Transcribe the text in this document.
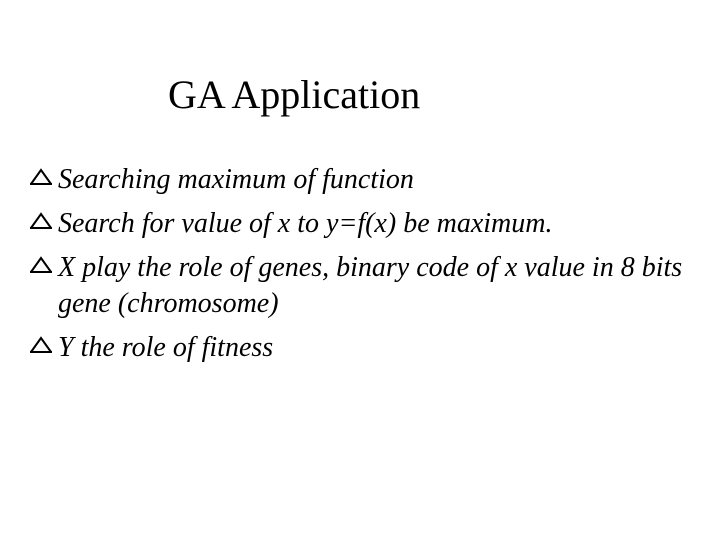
GA Application
Searching maximum of function
Search for value of x to y=f(x) be maximum.
X play the role of genes, binary code of x value in 8 bits gene (chromosome)
Y the role of fitness
